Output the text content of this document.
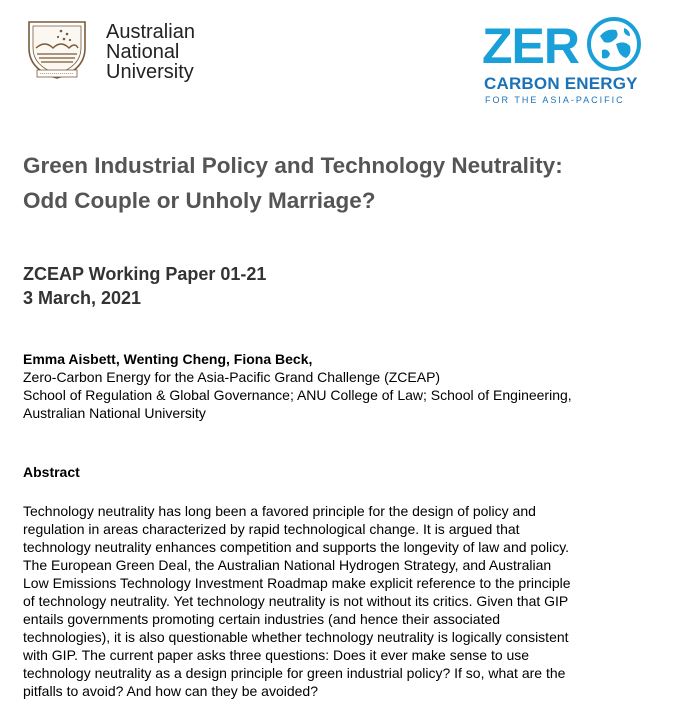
Australian
National
University	ZER
CARBON ENERGY
FOR THE ASIA-PACIFIC
Green Industrial Policy and Technology Neutrality:
Odd Couple or Unholy Marriage?
ZCEAP Working Paper 01-21
3 March, 2021
Emma Aisbett, Wenting Cheng, Fiona Beck,
Zero-Carbon Energy for the Asia-Pacific Grand Challenge (ZCEAP)
School of Regulation & Global Governance; ANU College of Law; School of Engineering,
Australian National University
Abstract
Technology neutrality has long been a favored principle for the design of policy and
regulation in areas characterized by rapid technological change. It is argued that
technology neutrality enhances competition and supports the longevity of law and policy.
The European Green Deal, the Australian National Hydrogen Strategy, and Australian
Low Emissions Technology Investment Roadmap make explicit reference to the principle
of technology neutrality. Yet technology neutrality is not without its critics. Given that GIP
entails governments promoting certain industries (and hence their associated
technologies), it is also questionable whether technology neutrality is logically consistent
with GIP. The current paper asks three questions: Does it ever make sense to use
technology neutrality as a design principle for green industrial policy? If so, what are the
pitfalls to avoid? And how can they be avoided?
